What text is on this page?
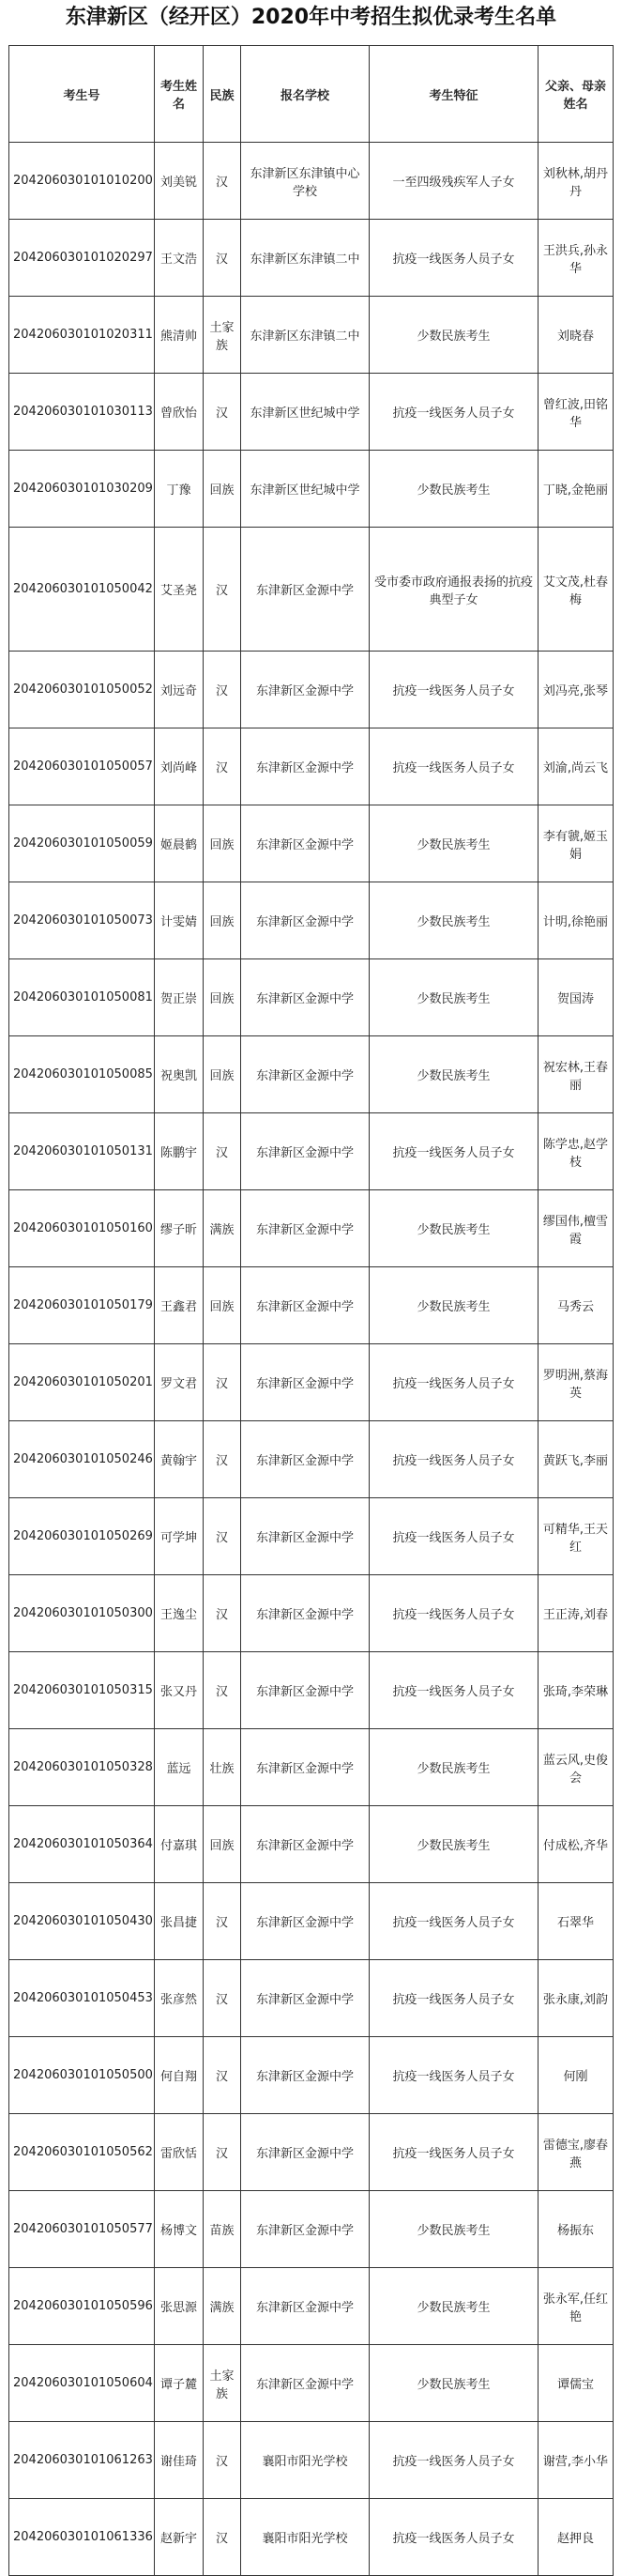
东津新区（经开区）2020年中考招生拟优录考生名单
考生号	考生姓名	民族	报名学校	考生特征	父亲、母亲姓名
204206030101010200	刘美锐	汉	东津新区东津镇中心学校	一至四级残疾军人子女	刘秋林,胡丹丹
204206030101020297	王文浩	汉	东津新区东津镇二中	抗疫一线医务人员子女	王洪兵,孙永华
204206030101020311	熊清帅	土家族	东津新区东津镇二中	少数民族考生	刘晓春
204206030101030113	曾欣怡	汉	东津新区世纪城中学	抗疫一线医务人员子女	曾红波,田铭华
204206030101030209	丁豫	回族	东津新区世纪城中学	少数民族考生	丁晓,金艳丽
204206030101050042	艾圣尧	汉	东津新区金源中学	受市委市政府通报表扬的抗疫典型子女	艾文茂,杜春梅
204206030101050052	刘远奇	汉	东津新区金源中学	抗疫一线医务人员子女	刘冯亮,张琴
204206030101050057	刘尚峰	汉	东津新区金源中学	抗疫一线医务人员子女	刘渝,尚云飞
204206030101050059	姬晨鹤	回族	东津新区金源中学	少数民族考生	李有虢,姬玉娟
204206030101050073	计雯婧	回族	东津新区金源中学	少数民族考生	计明,徐艳丽
204206030101050081	贺正崇	回族	东津新区金源中学	少数民族考生	贺国涛
204206030101050085	祝奥凯	回族	东津新区金源中学	少数民族考生	祝宏林,王春丽
204206030101050131	陈鹏宇	汉	东津新区金源中学	抗疫一线医务人员子女	陈学忠,赵学枝
204206030101050160	缪子昕	满族	东津新区金源中学	少数民族考生	缪国伟,檀雪霞
204206030101050179	王鑫君	回族	东津新区金源中学	少数民族考生	马秀云
204206030101050201	罗文君	汉	东津新区金源中学	抗疫一线医务人员子女	罗明洲,蔡海英
204206030101050246	黄翰宇	汉	东津新区金源中学	抗疫一线医务人员子女	黄跃飞,李丽
204206030101050269	可学坤	汉	东津新区金源中学	抗疫一线医务人员子女	可精华,王天红
204206030101050300	王逸尘	汉	东津新区金源中学	抗疫一线医务人员子女	王正涛,刘春
204206030101050315	张又丹	汉	东津新区金源中学	抗疫一线医务人员子女	张琦,李荣琳
204206030101050328	蓝远	壮族	东津新区金源中学	少数民族考生	蓝云风,史俊会
204206030101050364	付嘉琪	回族	东津新区金源中学	少数民族考生	付成松,齐华
204206030101050430	张昌捷	汉	东津新区金源中学	抗疫一线医务人员子女	石翠华
204206030101050453	张彦然	汉	东津新区金源中学	抗疫一线医务人员子女	张永康,刘韵
204206030101050500	何自翔	汉	东津新区金源中学	抗疫一线医务人员子女	何刚
204206030101050562	雷欣恬	汉	东津新区金源中学	抗疫一线医务人员子女	雷德宝,廖春燕
204206030101050577	杨博文	苗族	东津新区金源中学	少数民族考生	杨振东
204206030101050596	张思源	满族	东津新区金源中学	少数民族考生	张永军,任红艳
204206030101050604	谭子麓	土家族	东津新区金源中学	少数民族考生	谭儒宝
204206030101061263	谢佳琦	汉	襄阳市阳光学校	抗疫一线医务人员子女	谢营,李小华
204206030101061336	赵新宇	汉	襄阳市阳光学校	抗疫一线医务人员子女	赵押良
